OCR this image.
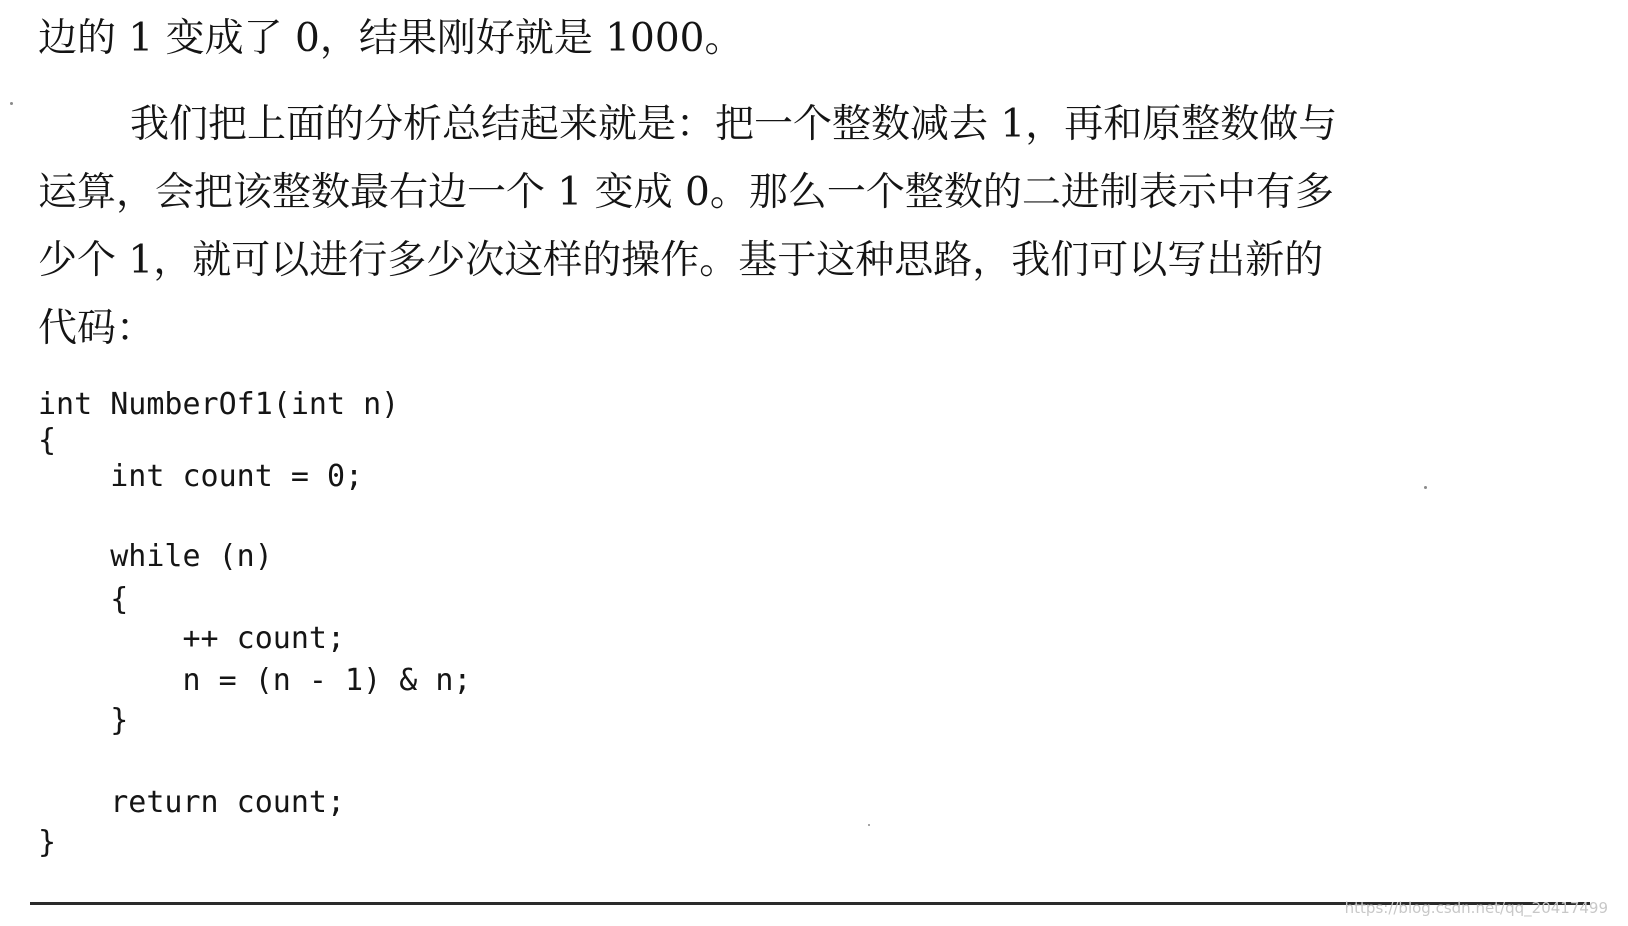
边的 1 变成了 0，结果刚好就是 1000。
我们把上面的分析总结起来就是：把一个整数减去 1，再和原整数做与
运算，会把该整数最右边一个 1 变成 0。那么一个整数的二进制表示中有多
少个 1，就可以进行多少次这样的操作。基于这种思路，我们可以写出新的
代码：
int NumberOf1(int n)
{
int count = 0;
while (n)
{
++ count;
n = (n - 1) & n;
}
return count;
}
https://blog.csdn.net/qq_20417499
